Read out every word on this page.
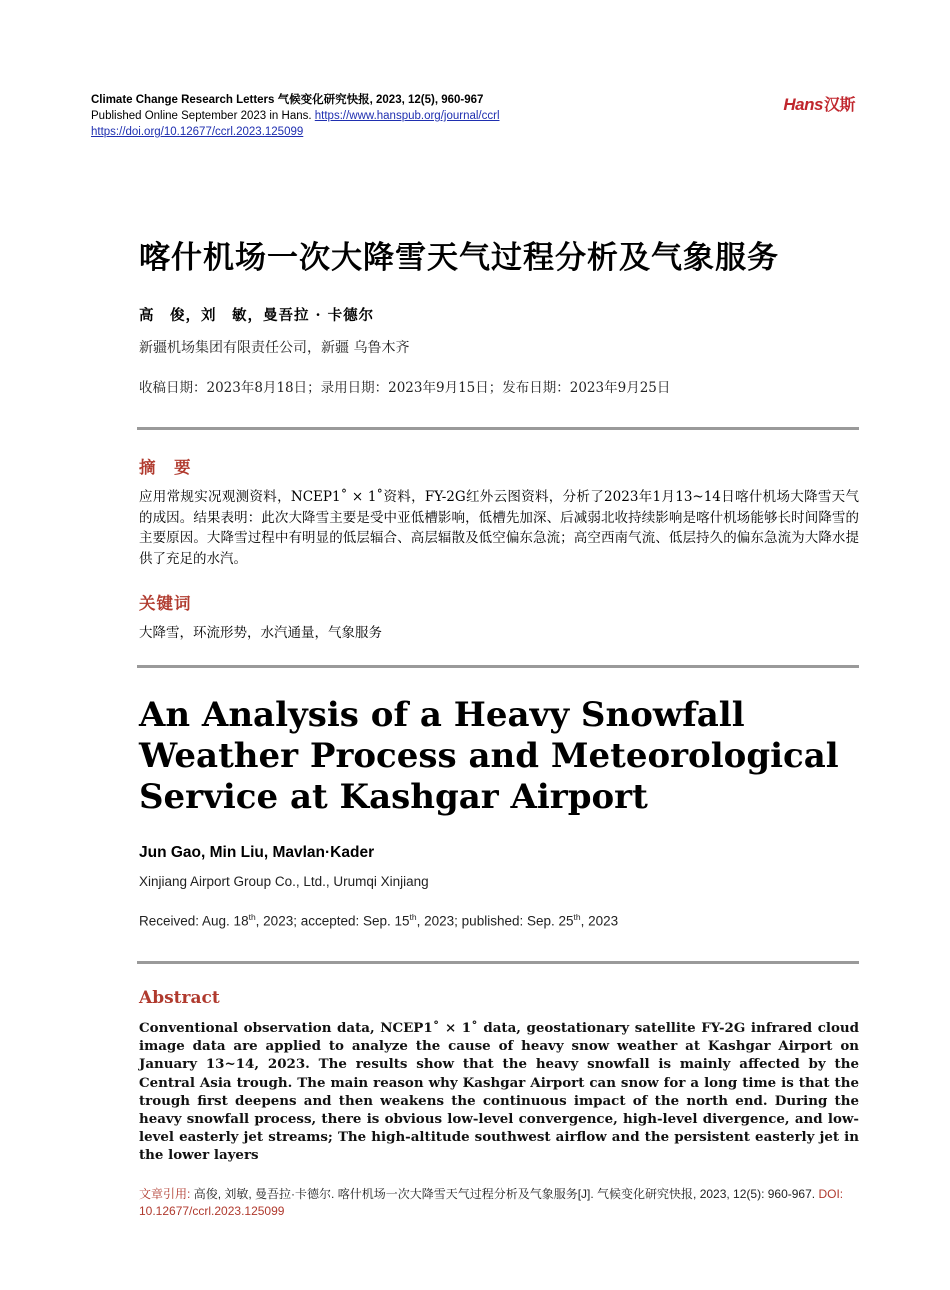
Climate Change Research Letters 气候变化研究快报, 2023, 12(5), 960-967
Published Online September 2023 in Hans. https://www.hanspub.org/journal/ccrl
https://doi.org/10.12677/ccrl.2023.125099
Hans汉斯
喀什机场一次大降雪天气过程分析及气象服务
高　俊，刘　敏，曼吾拉 · 卡德尔
新疆机场集团有限责任公司，新疆 乌鲁木齐
收稿日期：2023年8月18日；录用日期：2023年9月15日；发布日期：2023年9月25日
摘　要
应用常规实况观测资料，NCEP1˚ × 1˚资料，FY-2G红外云图资料，分析了2023年1月13~14日喀什机场大降雪天气的成因。结果表明：此次大降雪主要是受中亚低槽影响，低槽先加深、后减弱北收持续影响是喀什机场能够长时间降雪的主要原因。大降雪过程中有明显的低层辐合、高层辐散及低空偏东急流；高空西南气流、低层持久的偏东急流为大降水提供了充足的水汽。
关键词
大降雪，环流形势，水汽通量，气象服务
An Analysis of a Heavy Snowfall Weather Process and Meteorological Service at Kashgar Airport
Jun Gao, Min Liu, Mavlan·Kader
Xinjiang Airport Group Co., Ltd., Urumqi Xinjiang
Received: Aug. 18th, 2023; accepted: Sep. 15th, 2023; published: Sep. 25th, 2023
Abstract
Conventional observation data, NCEP1˚ × 1˚ data, geostationary satellite FY-2G infrared cloud image data are applied to analyze the cause of heavy snow weather at Kashgar Airport on January 13~14, 2023. The results show that the heavy snowfall is mainly affected by the Central Asia trough. The main reason why Kashgar Airport can snow for a long time is that the trough first deepens and then weakens the continuous impact of the north end. During the heavy snowfall process, there is obvious low-level convergence, high-level divergence, and low-level easterly jet streams; The high-altitude southwest airflow and the persistent easterly jet in the lower layers
文章引用: 高俊, 刘敏, 曼吾拉·卡德尔. 喀什机场一次大降雪天气过程分析及气象服务[J]. 气候变化研究快报, 2023, 12(5): 960-967. DOI: 10.12677/ccrl.2023.125099
